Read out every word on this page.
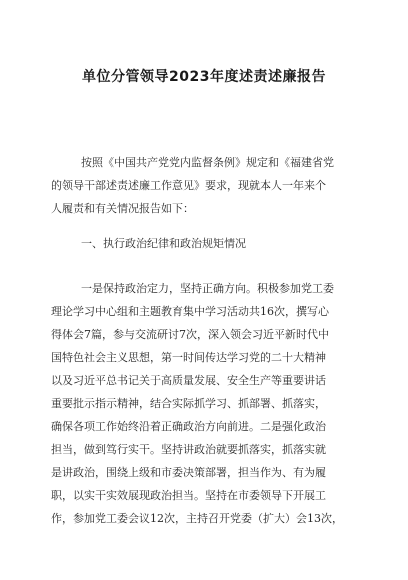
单位分管领导2023年度述责述廉报告
按照《中国共产党党内监督条例》规定和《福建省党
的领导干部述责述廉工作意见》要求，现就本人一年来个
人履责和有关情况报告如下：
一、执行政治纪律和政治规矩情况
一是保持政治定力，坚持正确方向。积极参加党工委
理论学习中心组和主题教育集中学习活动共16次，撰写心
得体会7篇，参与交流研讨7次，深入领会习近平新时代中
国特色社会主义思想，第一时间传达学习党的二十大精神
以及习近平总书记关于高质量发展、安全生产等重要讲话
重要批示指示精神，结合实际抓学习、抓部署、抓落实，
确保各项工作始终沿着正确政治方向前进。二是强化政治
担当，做到笃行实干。坚持讲政治就要抓落实，抓落实就
是讲政治，围绕上级和市委决策部署，担当作为、有为履
职，以实干实效展现政治担当。坚持在市委领导下开展工
作，参加党工委会议12次，主持召开党委（扩大）会13次，
